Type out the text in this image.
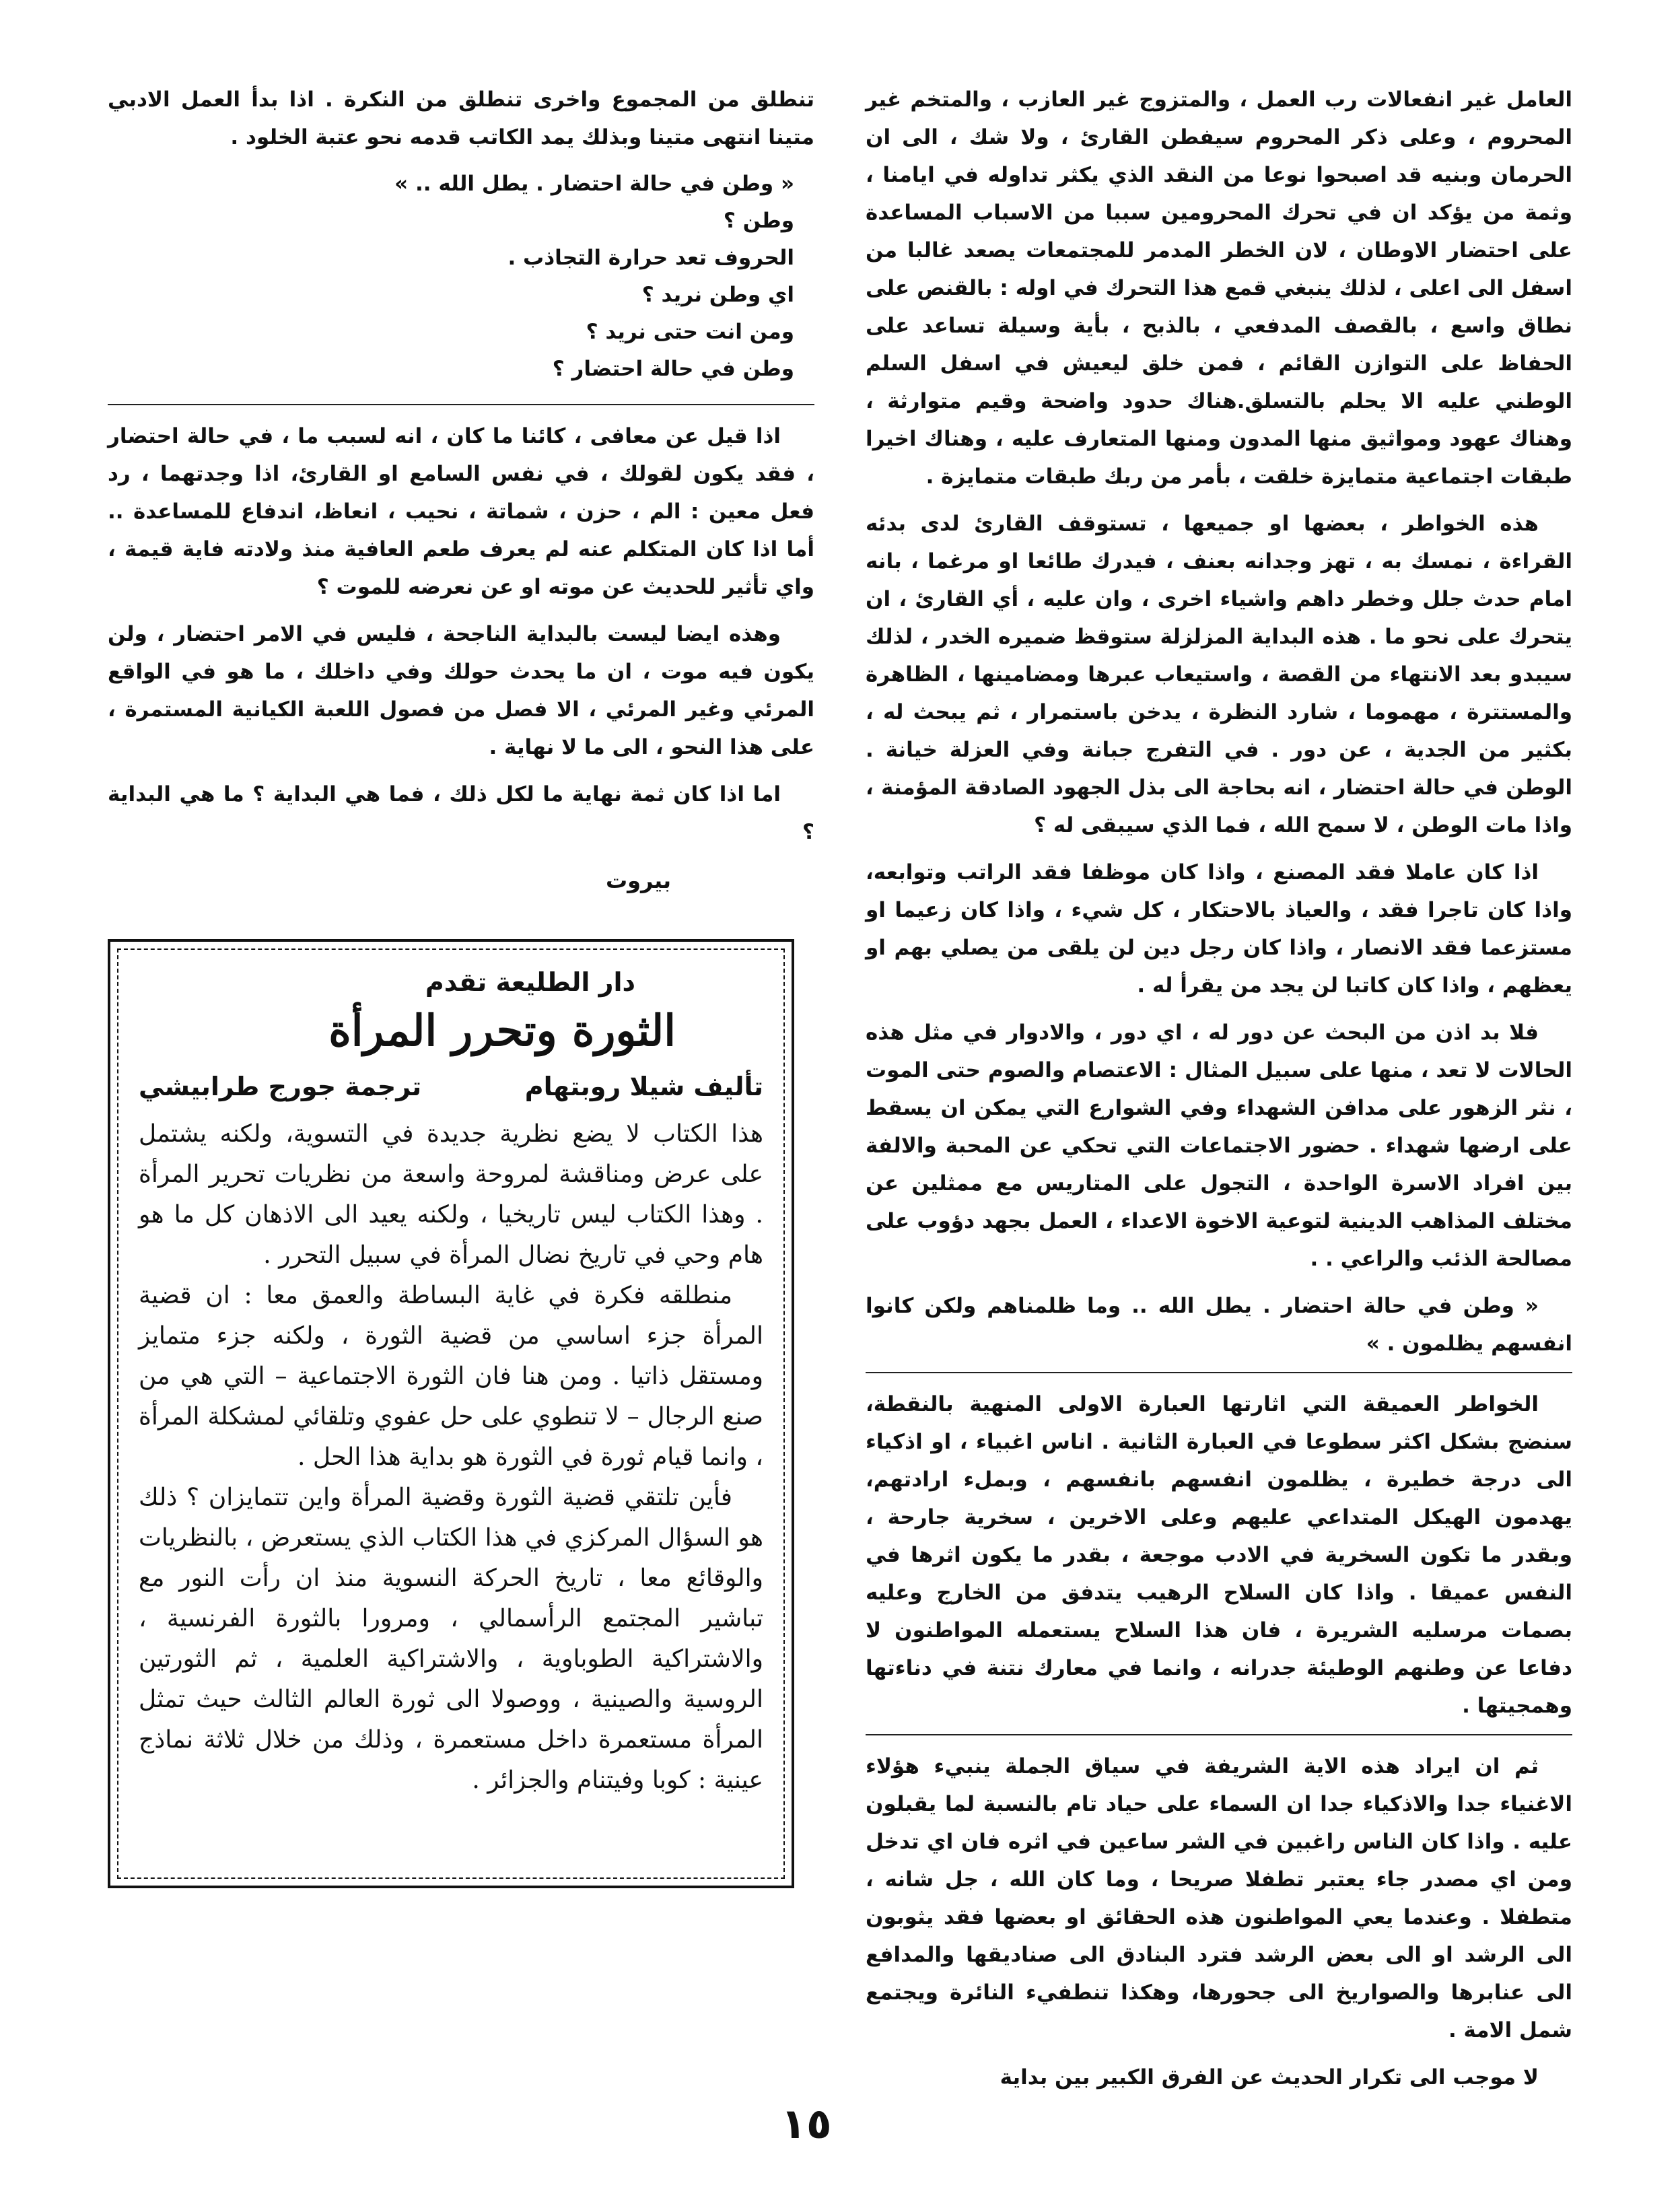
العامل غير انفعالات رب العمل ، والمتزوج غير العازب ، والمتخم غير المحروم ، وعلى ذكر المحروم سيفطن القارئ ، ولا شك ، الى ان الحرمان وبنيه قد اصبحوا نوعا من النقد الذي يكثر تداوله في ايامنا ، وثمة من يؤكد ان في تحرك المحرومين سببا من الاسباب المساعدة على احتضار الاوطان ، لان الخطر المدمر للمجتمعات يصعد غالبا من اسفل الى اعلى ، لذلك ينبغي قمع هذا التحرك في اوله : بالقنص على نطاق واسع ، بالقصف المدفعي ، بالذبح ، بأية وسيلة تساعد على الحفاظ على التوازن القائم ، فمن خلق ليعيش في اسفل السلم الوطني عليه الا يحلم بالتسلق.هناك حدود واضحة وقيم متوارثة ، وهناك عهود ومواثيق منها المدون ومنها المتعارف عليه ، وهناك اخيرا طبقات اجتماعية متمايزة خلقت ، بأمر من ربك طبقات متمايزة .

هذه الخواطر ، بعضها او جميعها ، تستوقف القارئ لدى بدئه القراءة ، نمسك به ، تهز وجدانه بعنف ، فيدرك طائعا او مرغما ، بانه امام حدث جلل وخطر داهم واشياء اخرى ، وان عليه ، أي القارئ ، ان يتحرك على نحو ما . هذه البداية المزلزلة ستوقظ ضميره الخدر ، لذلك سيبدو بعد الانتهاء من القصة ، واستيعاب عبرها ومضامينها ، الظاهرة والمستترة ، مهموما ، شارد النظرة ، يدخن باستمرار ، ثم يبحث له ، بكثير من الجدية ، عن دور . في التفرج جبانة وفي العزلة خيانة . الوطن في حالة احتضار ، انه بحاجة الى بذل الجهود الصادقة المؤمنة ، واذا مات الوطن ، لا سمح الله ، فما الذي سيبقى له ؟

اذا كان عاملا فقد المصنع ، واذا كان موظفا فقد الراتب وتوابعه، واذا كان تاجرا فقد ، والعياذ بالاحتكار ، كل شيء ، واذا كان زعيما او مستزعما فقد الانصار ، واذا كان رجل دين لن يلقى من يصلي بهم او يعظهم ، واذا كان كاتبا لن يجد من يقرأ له .

فلا بد اذن من البحث عن دور له ، اي دور ، والادوار في مثل هذه الحالات لا تعد ، منها على سبيل المثال : الاعتصام والصوم حتى الموت ، نثر الزهور على مدافن الشهداء وفي الشوارع التي يمكن ان يسقط على ارضها شهداء . حضور الاجتماعات التي تحكي عن المحبة والالفة بين افراد الاسرة الواحدة ، التجول على المتاريس مع ممثلين عن مختلف المذاهب الدينية لتوعية الاخوة الاعداء ، العمل بجهد دؤوب على مصالحة الذئب والراعي . .

« وطن في حالة احتضار . يطل الله .. وما ظلمناهم ولكن كانوا انفسهم يظلمون . »

الخواطر العميقة التي اثارتها العبارة الاولى المنهية بالنقطة، سنضج بشكل اكثر سطوعا في العبارة الثانية . اناس اغبياء ، او اذكياء الى درجة خطيرة ، يظلمون انفسهم بانفسهم ، وبملء ارادتهم، يهدمون الهيكل المتداعي عليهم وعلى الاخرين ، سخرية جارحة ، وبقدر ما تكون السخرية في الادب موجعة ، بقدر ما يكون اثرها في النفس عميقا . واذا كان السلاح الرهيب يتدفق من الخارج وعليه بصمات مرسليه الشريرة ، فان هذا السلاح يستعمله المواطنون لا دفاعا عن وطنهم الوطيئة جدرانه ، وانما في معارك نتنة في دناءتها وهمجيتها .

ثم ان ايراد هذه الاية الشريفة في سياق الجملة ينبيء هؤلاء الاغنياء جدا والاذكياء جدا ان السماء على حياد تام بالنسبة لما يقبلون عليه . واذا كان الناس راغبين في الشر ساعين في اثره فان اي تدخل ومن اي مصدر جاء يعتبر تطفلا صريحا ، وما كان الله ، جل شانه ، متطفلا . وعندما يعي المواطنون هذه الحقائق او بعضها فقد يثوبون الى الرشد او الى بعض الرشد فترد البنادق الى صناديقها والمدافع الى عنابرها والصواريخ الى جحورها، وهكذا تنطفيء النائرة ويجتمع شمل الامة .

لا موجب الى تكرار الحديث عن الفرق الكبير بين بداية

تنطلق من المجموع واخرى تنطلق من النكرة . اذا بدأ العمل الادبي متينا انتهى متينا وبذلك يمد الكاتب قدمه نحو عتبة الخلود .

« وطن في حالة احتضار . يطل الله .. »
وطن ؟
الحروف تعد حرارة التجاذب .
اي وطن نريد ؟
ومن انت حتى نريد ؟
وطن في حالة احتضار ؟

اذا قيل عن معافى ، كائنا ما كان ، انه لسبب ما ، في حالة احتضار ، فقد يكون لقولك ، في نفس السامع او القارئ، اذا وجدتهما ، رد فعل معين : الم ، حزن ، شماتة ، نحيب ، انعاظ، اندفاع للمساعدة .. أما اذا كان المتكلم عنه لم يعرف طعم العافية منذ ولادته فاية قيمة ، واي تأثير للحديث عن موته او عن نعرضه للموت ؟

وهذه ايضا ليست بالبداية الناجحة ، فليس في الامر احتضار ، ولن يكون فيه موت ، ان ما يحدث حولك وفي داخلك ، ما هو في الواقع المرئي وغير المرئي ، الا فصل من فصول اللعبة الكيانية المستمرة ، على هذا النحو ، الى ما لا نهاية .

اما اذا كان ثمة نهاية ما لكل ذلك ، فما هي البداية ؟ ما هي البداية ؟

بيروت
دار الطليعة تقدم
الثورة وتحرر المرأة
تأليف شيلا روبتهام
ترجمة جورج طرابيشي

هذا الكتاب لا يضع نظرية جديدة في التسوية، ولكنه يشتمل على عرض ومناقشة لمروحة واسعة من نظريات تحرير المرأة . وهذا الكتاب ليس تاريخيا ، ولكنه يعيد الى الاذهان كل ما هو هام وحي في تاريخ نضال المرأة في سبيل التحرر .

منطلقه فكرة في غاية البساطة والعمق معا : ان قضية المرأة جزء اساسي من قضية الثورة ، ولكنه جزء متمايز ومستقل ذاتيا . ومن هنا فان الثورة الاجتماعية – التي هي من صنع الرجال – لا تنطوي على حل عفوي وتلقائي لمشكلة المرأة ، وانما قيام ثورة في الثورة هو بداية هذا الحل .

فأين تلتقي قضية الثورة وقضية المرأة واين تتمايزان ؟ ذلك هو السؤال المركزي في هذا الكتاب الذي يستعرض ، بالنظريات والوقائع معا ، تاريخ الحركة النسوية منذ ان رأت النور مع تباشير المجتمع الرأسمالي ، ومرورا بالثورة الفرنسية ، والاشتراكية الطوباوية ، والاشتراكية العلمية ، ثم الثورتين الروسية والصينية ، ووصولا الى ثورة العالم الثالث حيث تمثل المرأة مستعمرة داخل مستعمرة ، وذلك من خلال ثلاثة نماذج عينية : كوبا وفيتنام والجزائر .

١٥
